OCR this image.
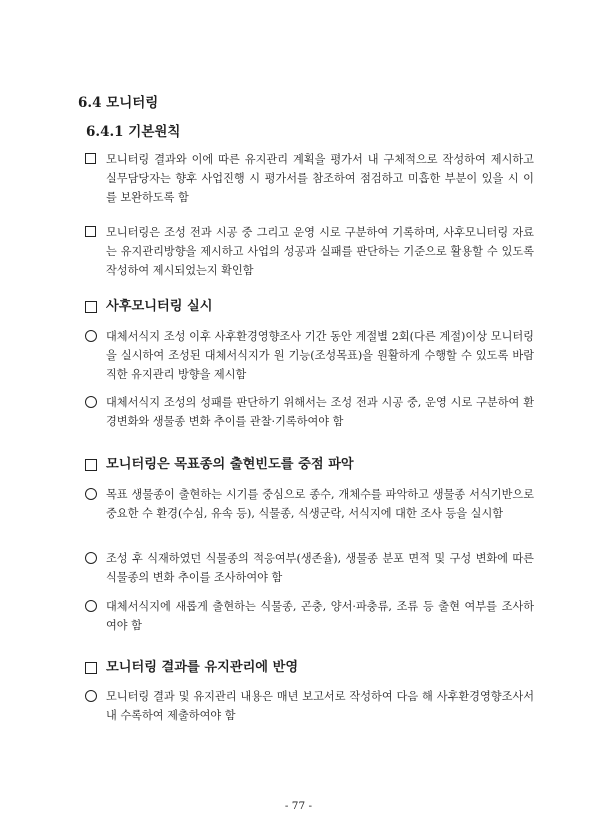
6.4 모니터링
6.4.1 기본원칙
모니터링 결과와 이에 따른 유지관리 계획을 평가서 내 구체적으로 작성하여 제시하고 실무담당자는 향후 사업진행 시 평가서를 참조하여 점검하고 미흡한 부분이 있을 시 이를 보완하도록 함
모니터링은 조성 전과 시공 중 그리고 운영 시로 구분하여 기록하며, 사후모니터링 자료는 유지관리방향을 제시하고 사업의 성공과 실패를 판단하는 기준으로 활용할 수 있도록 작성하여 제시되었는지 확인함
사후모니터링 실시
대체서식지 조성 이후 사후환경영향조사 기간 동안 계절별 2회(다른 계절)이상 모니터링을 실시하여 조성된 대체서식지가 원 기능(조성목표)을 원활하게 수행할 수 있도록 바람직한 유지관리 방향을 제시함
대체서식지 조성의 성패를 판단하기 위해서는 조성 전과 시공 중, 운영 시로 구분하여 환경변화와 생물종 변화 추이를 관찰·기록하여야 함
모니터링은 목표종의 출현빈도를 중점 파악
목표 생물종이 출현하는 시기를 중심으로 종수, 개체수를 파악하고 생물종 서식기반으로 중요한 수 환경(수심, 유속 등), 식물종, 식생군락, 서식지에 대한 조사 등을 실시함
조성 후 식재하였던 식물종의 적응여부(생존율), 생물종 분포 면적 및 구성 변화에 따른 식물종의 변화 추이를 조사하여야 함
대체서식지에 새롭게 출현하는 식물종, 곤충, 양서·파충류, 조류 등 출현 여부를 조사하여야 함
모니터링 결과를 유지관리에 반영
모니터링 결과 및 유지관리 내용은 매년 보고서로 작성하여 다음 해 사후환경영향조사서 내 수록하여 제출하여야 함
- 77 -
